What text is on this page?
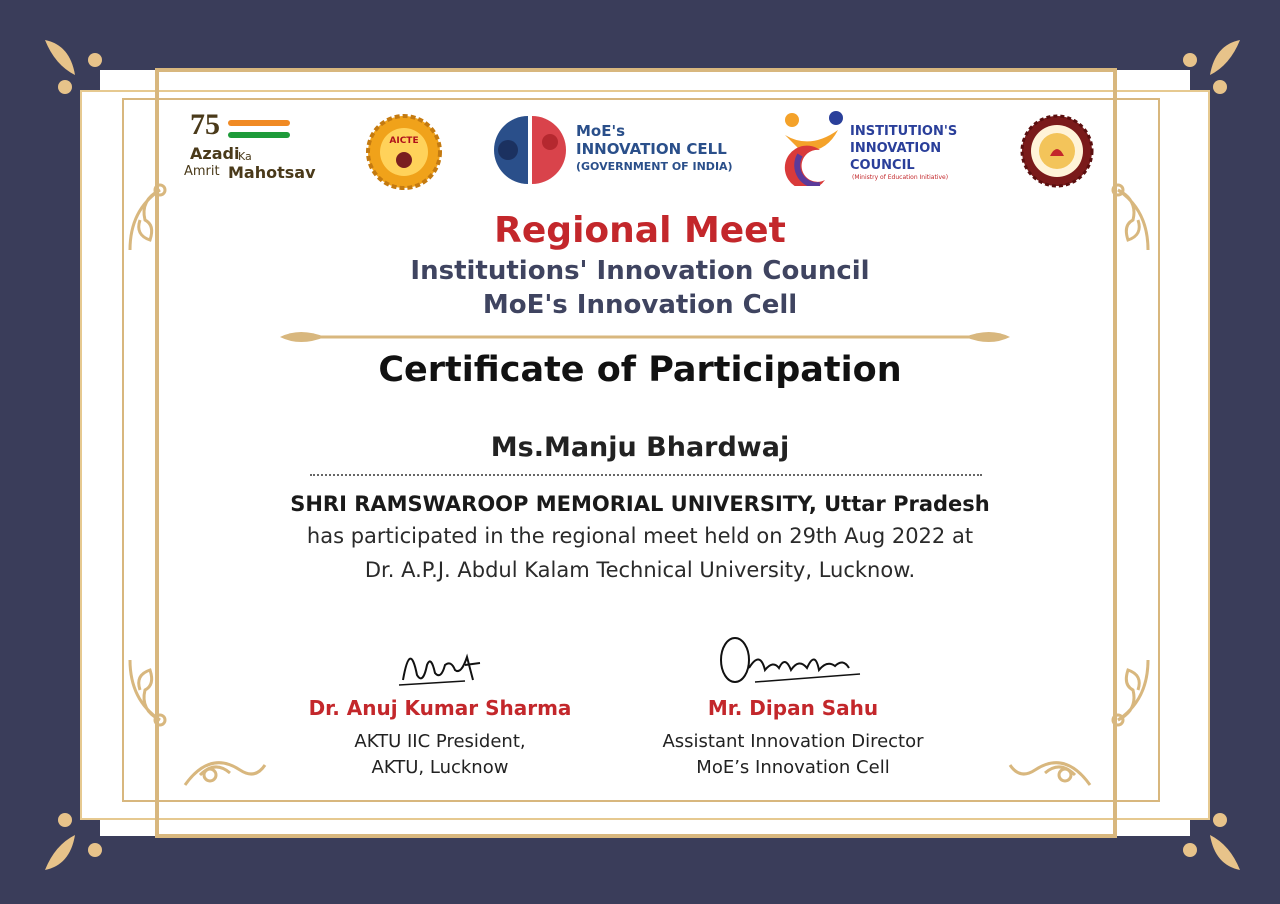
75
Azadi
Ka
Amrit Mahotsav
AICTE
MoE's
INNOVATION CELL
(GOVERNMENT OF INDIA)
INSTITUTION'S
INNOVATION
COUNCIL
(Ministry of Education Initiative)
Regional Meet
Institutions' Innovation Council
MoE's Innovation Cell
Certificate of Participation
Ms.Manju Bhardwaj
SHRI RAMSWAROOP MEMORIAL UNIVERSITY, Uttar Pradesh
has participated in the regional meet held on 29th Aug 2022 at
Dr. A.P.J. Abdul Kalam Technical University, Lucknow.
Dr. Anuj Kumar Sharma
AKTU IIC President,
AKTU, Lucknow
Mr. Dipan Sahu
Assistant Innovation Director
MoE’s Innovation Cell
